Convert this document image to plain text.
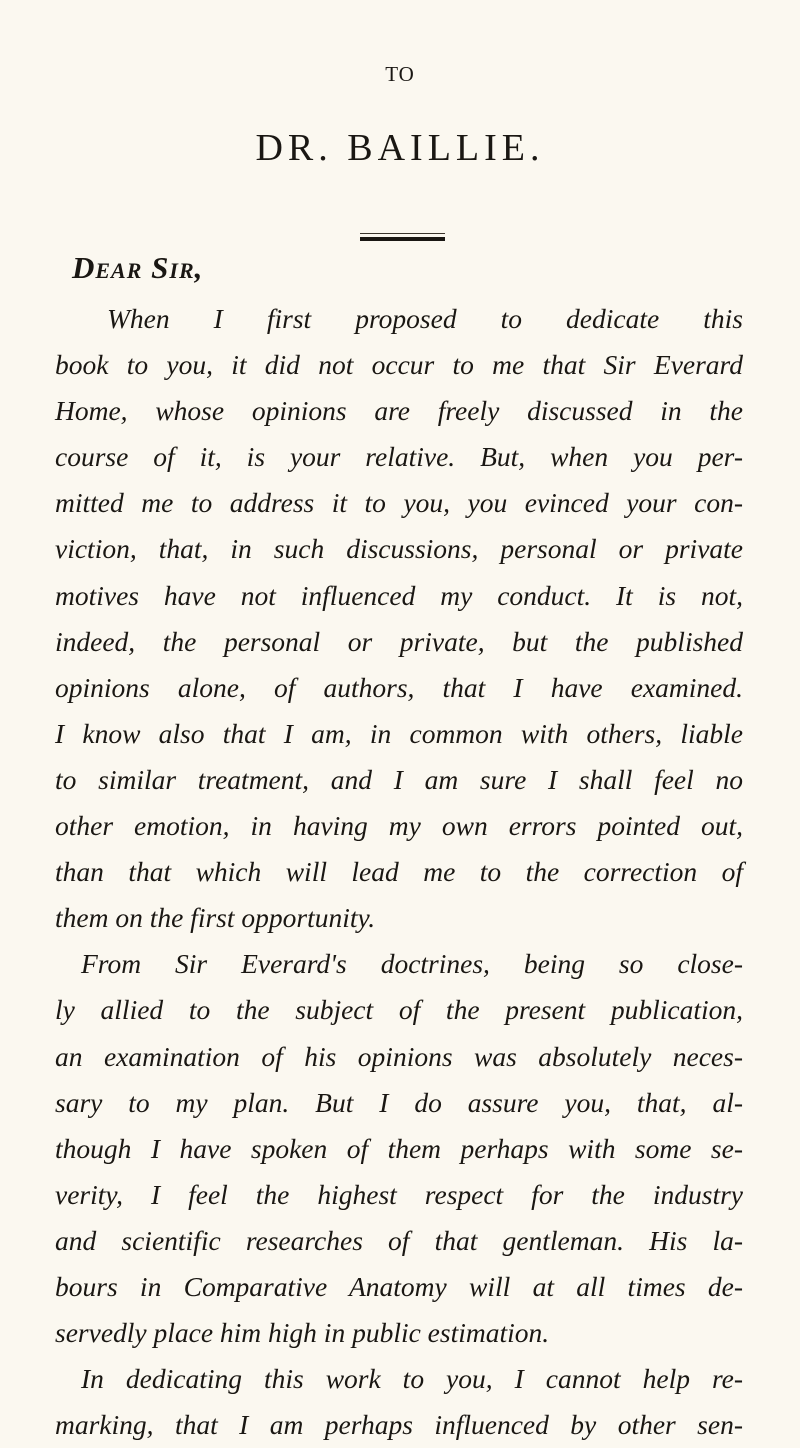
TO
DR. BAILLIE.
Dear Sir,
When I first proposed to dedicate this
book to you, it did not occur to me that Sir Everard
Home, whose opinions are freely discussed in the
course of it, is your relative. But, when you per-
mitted me to address it to you, you evinced your con-
viction, that, in such discussions, personal or private
motives have not influenced my conduct. It is not,
indeed, the personal or private, but the published
opinions alone, of authors, that I have examined.
I know also that I am, in common with others, liable
to similar treatment, and I am sure I shall feel no
other emotion, in having my own errors pointed out,
than that which will lead me to the correction of
them on the first opportunity.
From Sir Everard's doctrines, being so close-
ly allied to the subject of the present publication,
an examination of his opinions was absolutely neces-
sary to my plan. But I do assure you, that, al-
though I have spoken of them perhaps with some se-
verity, I feel the highest respect for the industry
and scientific researches of that gentleman. His la-
bours in Comparative Anatomy will at all times de-
servedly place him high in public estimation.
In dedicating this work to you, I cannot help re-
marking, that I am perhaps influenced by other sen-
